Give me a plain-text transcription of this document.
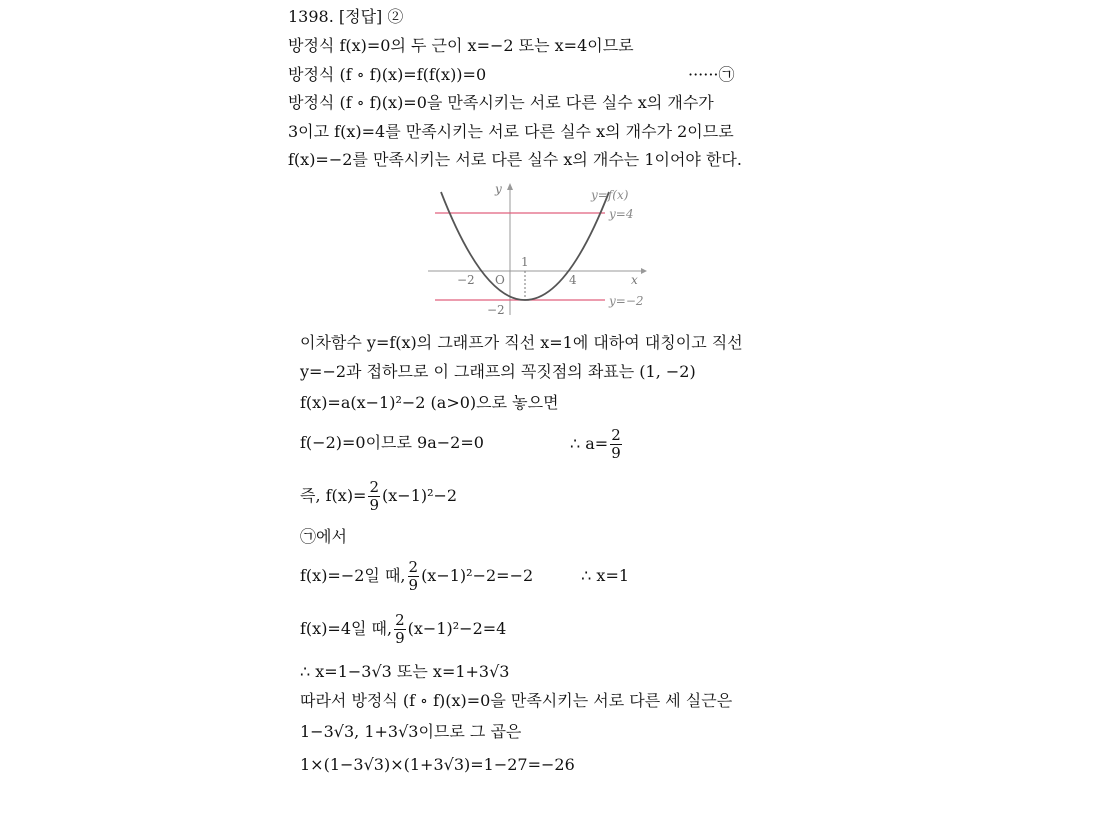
1398. [정답] ②
방정식 f(x)=0의 두 근이 x=−2 또는 x=4이므로
방정식 (f ∘ f)(x)=f(f(x))=0	······㉠
방정식 (f ∘ f)(x)=0을 만족시키는 서로 다른 실수 x의 개수가
3이고 f(x)=4를 만족시키는 서로 다른 실수 x의 개수가 2이므로
f(x)=−2를 만족시키는 서로 다른 실수 x의 개수는 1이어야 한다.
y=f(x)
y=4
y=−2
x
y
O
−2	4
1
−2
이차함수 y=f(x)의 그래프가 직선 x=1에 대하여 대칭이고 직선
y=−2과 접하므로 이 그래프의 꼭짓점의 좌표는 (1, −2)
f(x)=a(x−1)²−2 (a>0)으로 놓으면
f(−2)=0이므로 9a−2=0	∴ $a= \frac{2}{9}$
즉, $f(x)= \frac{2}{9} (x-1)^2-2$
㉠에서
f(x)=−2일 때, $\frac{2}{9} (x-1)^2-2=-2$	∴ x=1
f(x)=4일 때, $\frac{2}{9} (x-1)^2-2=4$
∴ x=1−3√3 또는 x=1+3√3
따라서 방정식 (f ∘ f)(x)=0을 만족시키는 서로 다른 세 실근은
1−3√3, 1+3√3이므로 그 곱은
1×(1−3√3)×(1+3√3)=1−27=−26
